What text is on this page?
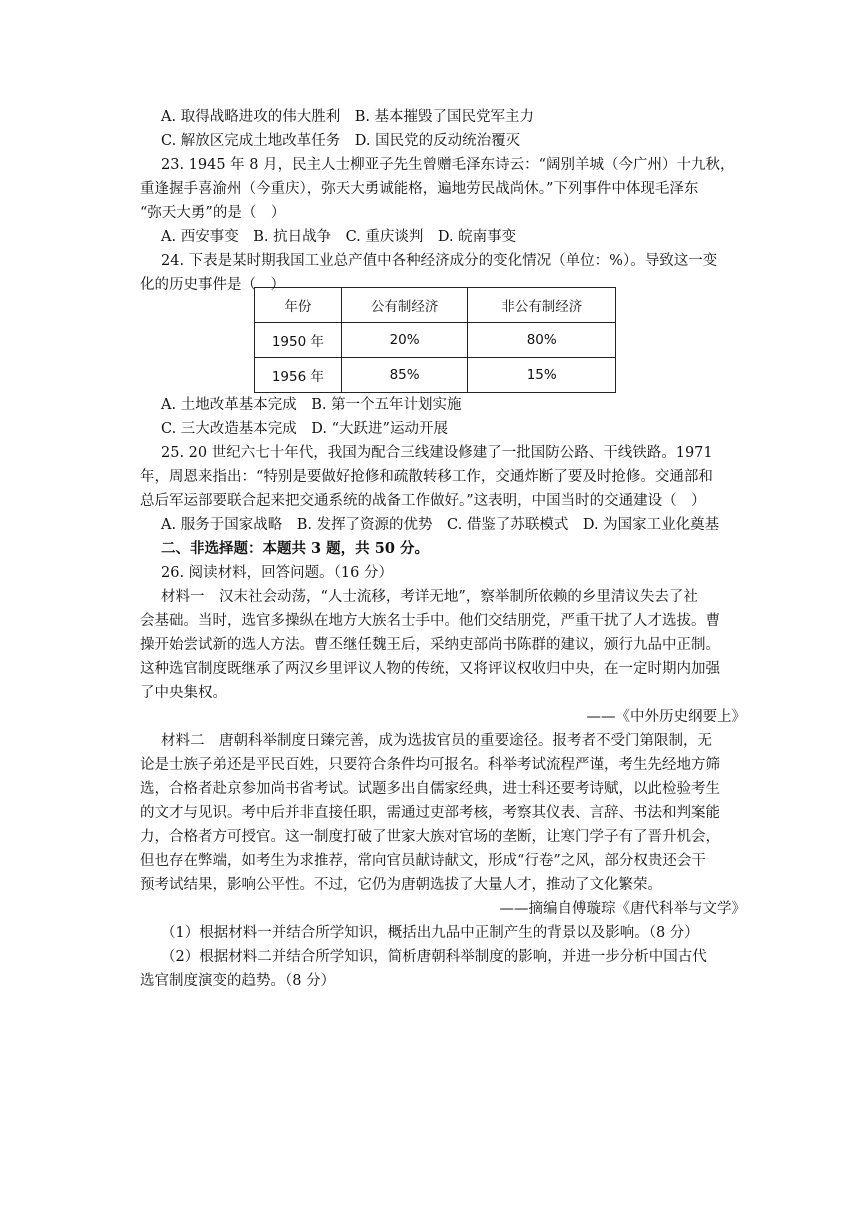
A. 取得战略进攻的伟大胜利　B. 基本摧毁了国民党军主力
C. 解放区完成土地改革任务　D. 国民党的反动统治覆灭
23. 1945 年 8 月，民主人士柳亚子先生曾赠毛泽东诗云：“阔别羊城（今广州）十九秋，
重逢握手喜渝州（今重庆），弥天大勇诚能格，遍地劳民战尚休。”下列事件中体现毛泽东
“弥天大勇”的是（　）
A. 西安事变　B. 抗日战争　C. 重庆谈判　D. 皖南事变
24. 下表是某时期我国工业总产值中各种经济成分的变化情况（单位：%）。导致这一变
化的历史事件是（　）
年份	公有制经济	非公有制经济
1950 年	20%	80%
1956 年	85%	15%
A. 土地改革基本完成　B. 第一个五年计划实施
C. 三大改造基本完成　D. “大跃进”运动开展
25. 20 世纪六七十年代，我国为配合三线建设修建了一批国防公路、干线铁路。1971
年，周恩来指出：“特别是要做好抢修和疏散转移工作，交通炸断了要及时抢修。交通部和
总后军运部要联合起来把交通系统的战备工作做好。”这表明，中国当时的交通建设（　）
A. 服务于国家战略　B. 发挥了资源的优势　C. 借鉴了苏联模式　D. 为国家工业化奠基
二、非选择题：本题共 3 题，共 50 分。
26. 阅读材料，回答问题。（16 分）
材料一　汉末社会动荡，“人士流移，考详无地”，察举制所依赖的乡里清议失去了社
会基础。当时，选官多操纵在地方大族名士手中。他们交结朋党，严重干扰了人才选拔。曹
操开始尝试新的选人方法。曹丕继任魏王后，采纳吏部尚书陈群的建议，颁行九品中正制。
这种选官制度既继承了两汉乡里评议人物的传统，又将评议权收归中央，在一定时期内加强
了中央集权。
——《中外历史纲要上》
材料二　唐朝科举制度日臻完善，成为选拔官员的重要途径。报考者不受门第限制，无
论是士族子弟还是平民百姓，只要符合条件均可报名。科举考试流程严谨，考生先经地方筛
选，合格者赴京参加尚书省考试。试题多出自儒家经典，进士科还要考诗赋，以此检验考生
的文才与见识。考中后并非直接任职，需通过吏部考核，考察其仪表、言辞、书法和判案能
力，合格者方可授官。这一制度打破了世家大族对官场的垄断，让寒门学子有了晋升机会，
但也存在弊端，如考生为求推荐，常向官员献诗献文，形成“行卷”之风，部分权贵还会干
预考试结果，影响公平性。不过，它仍为唐朝选拔了大量人才，推动了文化繁荣。
——摘编自傅璇琮《唐代科举与文学》
（1）根据材料一并结合所学知识，概括出九品中正制产生的背景以及影响。（8 分）
（2）根据材料二并结合所学知识，简析唐朝科举制度的影响，并进一步分析中国古代
选官制度演变的趋势。（8 分）
